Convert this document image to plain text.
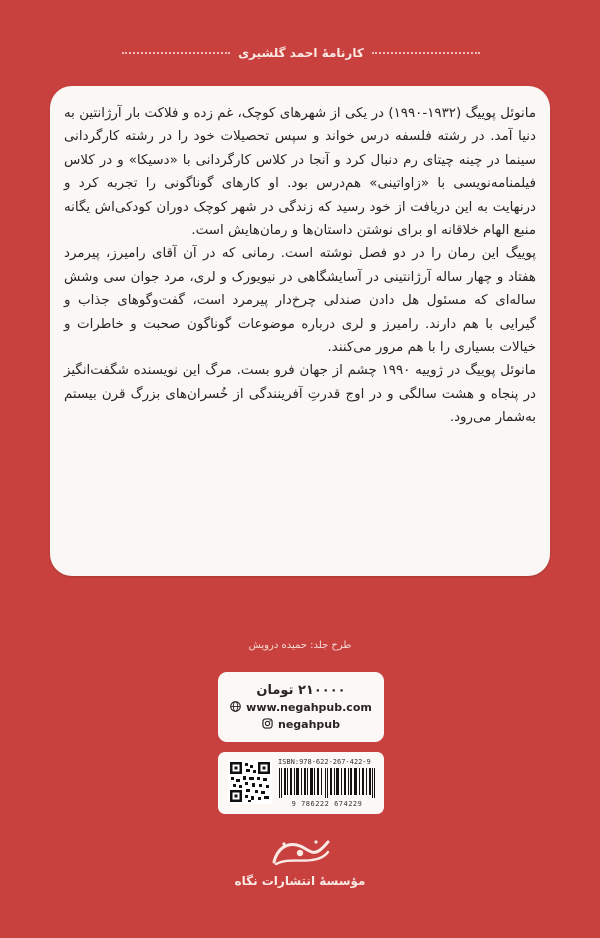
کارنامهٔ احمد گلشیری

مانوئل پوییگ (۱۹۳۲-۱۹۹۰) در یکی از شهرهای کوچک، غم زده و فلاکت بار آرژانتین به دنیا آمد. در رشته فلسفه درس خواند و سپس تحصیلات خود را در رشته کارگردانی سینما در چینه چیتای رم دنبال کرد و آنجا در کلاس کارگردانی با «دسیکا» و در کلاس فیلمنامه‌نویسی با «زاواتینی» هم‌درس بود. او کارهای گوناگونی را تجربه کرد و درنهایت به این دریافت از خود رسید که زندگی در شهر کوچک دوران کودکی‌اش یگانه منبع الهام خلاقانه او برای نوشتن داستان‌ها و رمان‌هایش است.

پوییگ این رمان را در دو فصل نوشته است. رمانی که در آن آقای رامیرز، پیرمرد هفتاد و چهار ساله آرژانتینی در آسایشگاهی در نیویورک و لری، مرد جوان سی وشش ساله‌ای که مسئول هل دادن صندلی چرخ‌دار پیرمرد است، گفت‌وگوهای جذاب و گیرایی با هم دارند. رامیرز و لری درباره موضوعات گوناگون صحبت و خاطرات و خیالات بسیاری را با هم مرور می‌کنند.

مانوئل پوییگ در ژوییه ۱۹۹۰ چشم از جهان فرو بست. مرگ این نویسنده شگفت‌انگیز در پنجاه و هشت سالگی و در اوج قدرتِ آفرینندگی از خُسران‌های بزرگ قرن بیستم به‌شمار می‌رود.

طرح جلد: حمیده درویش
۲۱۰۰۰۰ تومان
www.negahpub.com
negahpub
ISBN:978-622-267-422-9
9 786222 674229
مؤسسهٔ انتشارات نگاه
